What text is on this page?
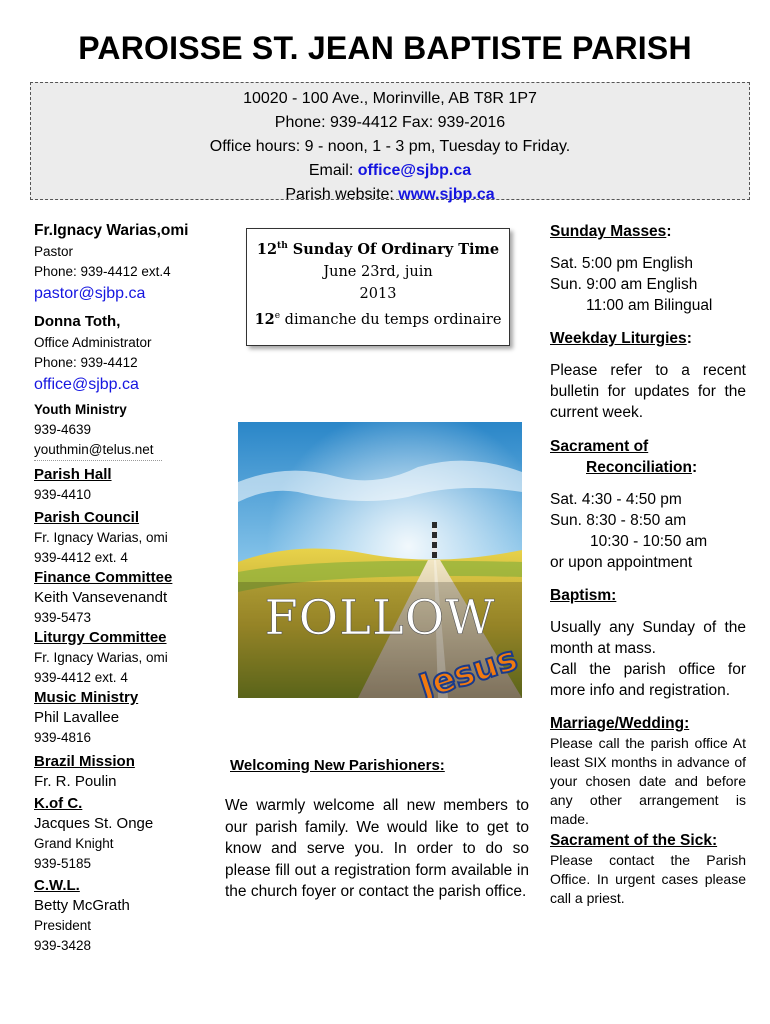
PAROISSE ST. JEAN BAPTISTE PARISH
10020 - 100 Ave., Morinville, AB T8R 1P7
Phone: 939-4412 Fax: 939-2016
Office hours: 9 - noon, 1 - 3 pm, Tuesday to Friday.
Email: office@sjbp.ca
Parish website: www.sjbp.ca
Fr.Ignacy Warias,omi
Pastor
Phone: 939-4412 ext.4
pastor@sjbp.ca
Donna Toth,
Office Administrator
Phone: 939-4412
office@sjbp.ca
Youth Ministry
939-4639
youthmin@telus.net
Parish Hall
939-4410
Parish Council
Fr. Ignacy Warias, omi
939-4412 ext. 4
Finance Committee
Keith Vansevenandt
939-5473
Liturgy Committee
Fr. Ignacy Warias, omi
939-4412 ext. 4
Music Ministry
Phil Lavallee
939-4816
Brazil Mission
Fr. R. Poulin
K.of C.
Jacques St. Onge
Grand Knight
939-5185
C.W.L.
Betty McGrath
President
939-3428
12th Sunday Of Ordinary Time
June 23rd, juin
2013
12e dimanche du temps ordinaire
FOLLOW
Jesus
Welcoming New Parishioners:
We warmly welcome all new members to our parish family. We would like to get to know and serve you. In order to do so please fill out a registration form available in the church foyer or contact the parish office.
Sunday Masses:
Sat. 5:00 pm English
Sun. 9:00 am English
11:00 am Bilingual
Weekday Liturgies:
Please refer to a recent bulletin for updates for the current week.
Sacrament of
Reconciliation:
Sat. 4:30 - 4:50 pm
Sun. 8:30 - 8:50 am
10:30 - 10:50 am
or upon appointment
Baptism:
Usually any Sunday of the month at mass.
Call the parish office for more info and registration.
Marriage/Wedding:
Please call the parish office At least SIX months in advance of your chosen date and before any other arrangement is made.
Sacrament of the Sick:
Please contact the Parish Office. In urgent cases please call a priest.
